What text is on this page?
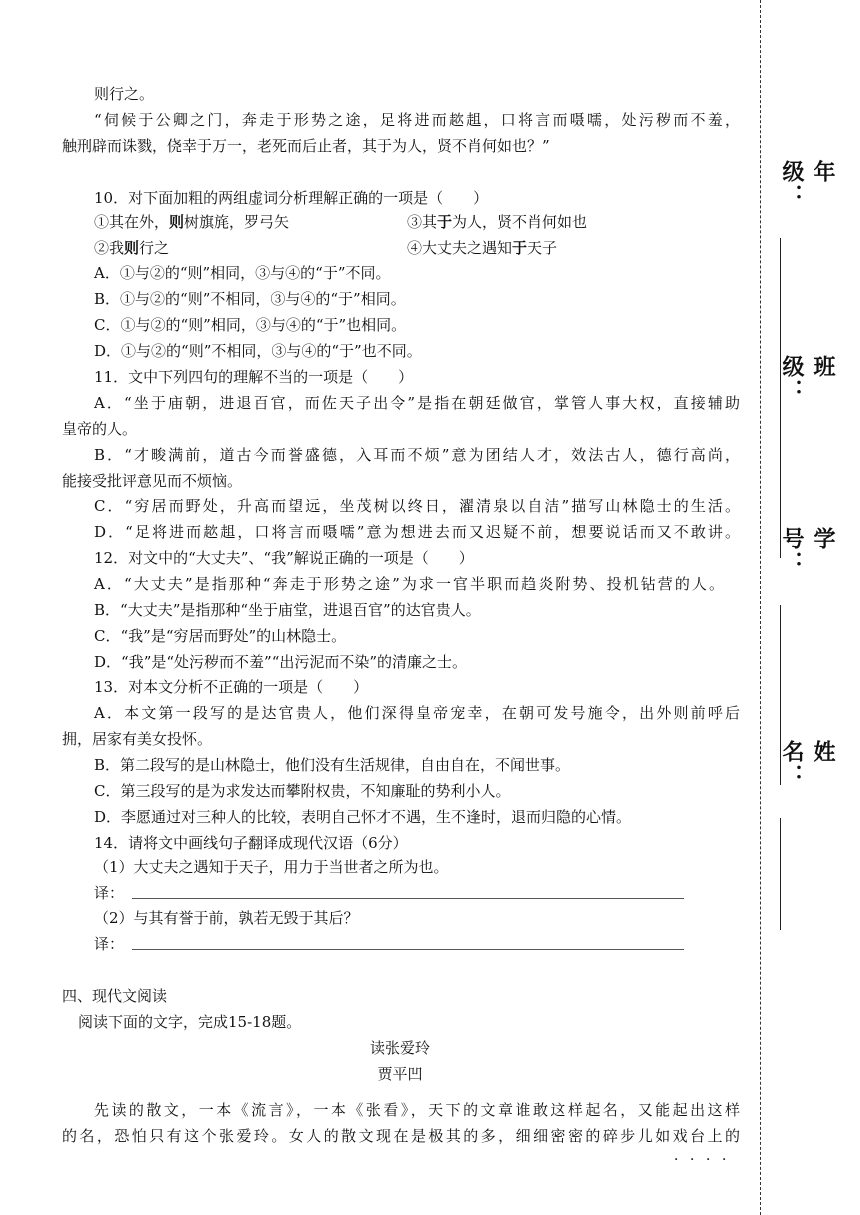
则行之。
“伺候于公卿之门，奔走于形势之途，足将进而趑趄，口将言而嗫嚅，处污秽而不羞，
触刑辟而诛戮，侥幸于万一，老死而后止者，其于为人，贤不肖何如也？”
10．对下面加粗的两组虚词分析理解正确的一项是（　　）
①其在外，则树旗旄，罗弓矢	③其于为人，贤不肖何如也
②我则行之	④大丈夫之遇知于天子
A．①与②的“则”相同，③与④的“于”不同。
B．①与②的“则”不相同，③与④的“于”相同。
C．①与②的“则”相同，③与④的“于”也相同。
D．①与②的“则”不相同，③与④的“于”也不同。
11．文中下列四句的理解不当的一项是（　　）
A．“坐于庙朝，进退百官，而佐天子出令”是指在朝廷做官，掌管人事大权，直接辅助
皇帝的人。
B．“才畯满前，道古今而誉盛德，入耳而不烦”意为团结人才，效法古人，德行高尚，
能接受批评意见而不烦恼。
C．“穷居而野处，升高而望远，坐茂树以终日，濯清泉以自洁”描写山林隐士的生活。
D．“足将进而趑趄，口将言而嗫嚅”意为想进去而又迟疑不前，想要说话而又不敢讲。
12．对文中的“大丈夫”、“我”解说正确的一项是（　　）
A．“大丈夫”是指那种“奔走于形势之途”为求一官半职而趋炎附势、投机钻营的人。
B．“大丈夫”是指那种“坐于庙堂，进退百官”的达官贵人。
C．“我”是“穷居而野处”的山林隐士。
D．“我”是“处污秽而不羞”“出污泥而不染”的清廉之士。
13．对本文分析不正确的一项是（　　）
A．本文第一段写的是达官贵人，他们深得皇帝宠幸，在朝可发号施令，出外则前呼后
拥，居家有美女投怀。
B．第二段写的是山林隐士，他们没有生活规律，自由自在，不闻世事。
C．第三段写的是为求发达而攀附权贵，不知廉耻的势利小人。
D．李愿通过对三种人的比较，表明自己怀才不遇，生不逢时，退而归隐的心情。
14．请将文中画线句子翻译成现代汉语（6分）
（1）大丈夫之遇知于天子，用力于当世者之所为也。
译：
（2）与其有誉于前，孰若无毁于其后？
译：
四、现代文阅读
阅读下面的文字，完成15-18题。
读张爱玲
贾平凹
先读的散文，一本《流言》，一本《张看》，天下的文章谁敢这样起名，又能起出这样
的名，恐怕只有这个张爱玲。女人的散文现在是极其的多，细细密密的碎步儿如戏台上的
．．．．
年级：
班级：
学号：
姓名：
